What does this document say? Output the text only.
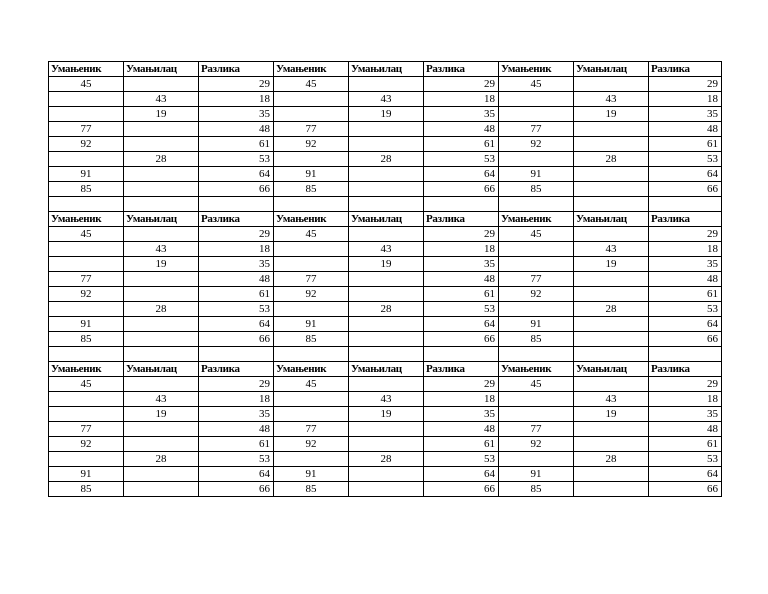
Умањеник	Умањилац	Разлика	Умањеник	Умањилац	Разлика	Умањеник	Умањилац	Разлика
45		29	45		29	45		29
	43	18		43	18		43	18
	19	35		19	35		19	35
77		48	77		48	77		48
92		61	92		61	92		61
	28	53		28	53		28	53
91		64	91		64	91		64
85		66	85		66	85		66

Умањеник	Умањилац	Разлика	Умањеник	Умањилац	Разлика	Умањеник	Умањилац	Разлика
45		29	45		29	45		29
	43	18		43	18		43	18
	19	35		19	35		19	35
77		48	77		48	77		48
92		61	92		61	92		61
	28	53		28	53		28	53
91		64	91		64	91		64
85		66	85		66	85		66

Умањеник	Умањилац	Разлика	Умањеник	Умањилац	Разлика	Умањеник	Умањилац	Разлика
45		29	45		29	45		29
	43	18		43	18		43	18
	19	35		19	35		19	35
77		48	77		48	77		48
92		61	92		61	92		61
	28	53		28	53		28	53
91		64	91		64	91		64
85		66	85		66	85		66
